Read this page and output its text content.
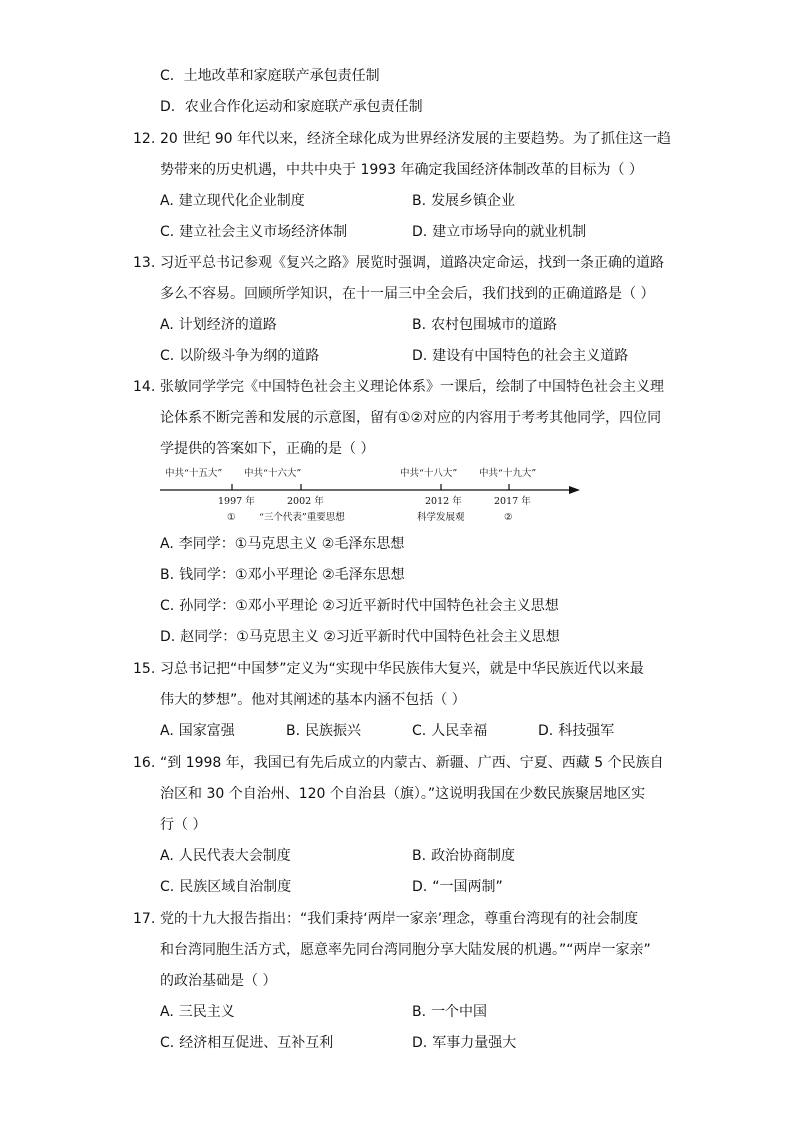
C. 土地改革和家庭联产承包责任制
D. 农业合作化运动和家庭联产承包责任制
12. 20 世纪 90 年代以来，经济全球化成为世界经济发展的主要趋势。为了抓住这一趋
势带来的历史机遇，中共中央于 1993 年确定我国经济体制改革的目标为（ ）
A. 建立现代化企业制度	B. 发展乡镇企业
C. 建立社会主义市场经济体制	D. 建立市场导向的就业机制
13. 习近平总书记参观《复兴之路》展览时强调，道路决定命运，找到一条正确的道路
多么不容易。回顾所学知识，在十一届三中全会后，我们找到的正确道路是（ ）
A. 计划经济的道路	B. 农村包围城市的道路
C. 以阶级斗争为纲的道路	D. 建设有中国特色的社会主义道路
14. 张敏同学学完《中国特色社会主义理论体系》一课后，绘制了中国特色社会主义理
论体系不断完善和发展的示意图，留有①②对应的内容用于考考其他同学，四位同
学提供的答案如下，正确的是（ ）
中共“十五大” 中共“十六大”	中共“十八大” 中共“十九大”
1997 年	2002 年	2012 年	2017 年
① “三个代表”重要思想	科学发展观	②
A. 李同学：①马克思主义 ②毛泽东思想
B. 钱同学：①邓小平理论 ②毛泽东思想
C. 孙同学：①邓小平理论 ②习近平新时代中国特色社会主义思想
D. 赵同学：①马克思主义 ②习近平新时代中国特色社会主义思想
15. 习总书记把“中国梦”定义为“实现中华民族伟大复兴，就是中华民族近代以来最
伟大的梦想”。他对其阐述的基本内涵不包括（ ）
A. 国家富强	B. 民族振兴	C. 人民幸福	D. 科技强军
16. “到 1998 年，我国已有先后成立的内蒙古、新疆、广西、宁夏、西藏 5 个民族自
治区和 30 个自治州、120 个自治县（旗）。”这说明我国在少数民族聚居地区实
行（ ）
A. 人民代表大会制度	B. 政治协商制度
C. 民族区域自治制度	D. “一国两制”
17. 党的十九大报告指出：“我们秉持‘两岸一家亲’理念，尊重台湾现有的社会制度
和台湾同胞生活方式，愿意率先同台湾同胞分享大陆发展的机遇。”“两岸一家亲”
的政治基础是（ ）
A. 三民主义	B. 一个中国
C. 经济相互促进、互补互利	D. 军事力量强大
